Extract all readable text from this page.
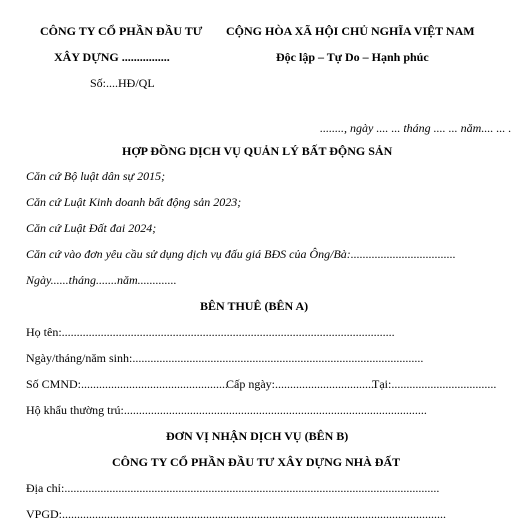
CÔNG TY CỔ PHẦN ĐẦU TƯ
XÂY DỰNG ................
Số:....HĐ/QL
CỘNG HÒA XÃ HỘI CHỦ NGHĨA VIỆT NAM
Độc lập – Tự Do – Hạnh phúc
........, ngày .... ... tháng .... ... năm.... ... .
HỢP ĐỒNG DỊCH VỤ QUẢN LÝ BẤT ĐỘNG SẢN
Căn cứ Bộ luật dân sự 2015;
Căn cứ Luật Kinh doanh bất động sản 2023;
Căn cứ Luật Đất đai 2024;
Căn cứ vào đơn yêu cầu sử dụng dịch vụ đấu giá BĐS của Ông/Bà:...................................
Ngày......tháng.......năm.............
BÊN THUÊ (BÊN A)
Họ tên:...............................................................................................................
Ngày/tháng/năm sinh:.................................................................................................
Số CMND:.................................................
Cấp ngày:.................................
Tại:...................................
Hộ khẩu thường trú:.....................................................................................................
ĐƠN VỊ NHẬN DỊCH VỤ (BÊN B)
CÔNG TY CỔ PHẦN ĐẦU TƯ XÂY DỰNG NHÀ ĐẤT
Địa chỉ:.............................................................................................................................
VPGD:................................................................................................................................
